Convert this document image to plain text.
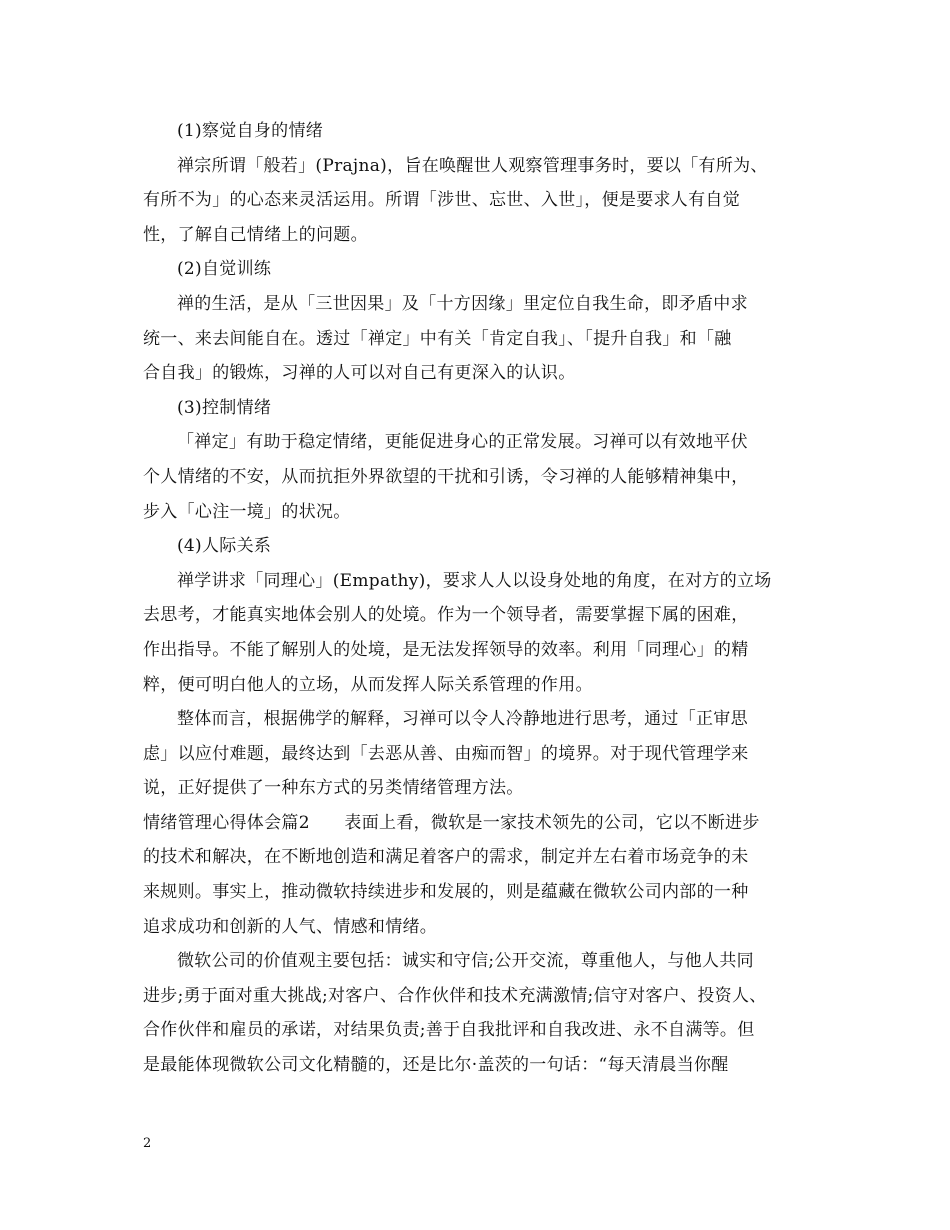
(1)察觉自身的情绪
禅宗所谓「般若」(Prajna)，旨在唤醒世人观察管理事务时，要以「有所为、
有所不为」的心态来灵活运用。所谓「涉世、忘世、入世」，便是要求人有自觉
性，了解自己情绪上的问题。
(2)自觉训练
禅的生活，是从「三世因果」及「十方因缘」里定位自我生命，即矛盾中求
统一、来去间能自在。透过「禅定」中有关「肯定自我」、「提升自我」和「融
合自我」的锻炼，习禅的人可以对自己有更深入的认识。
(3)控制情绪
「禅定」有助于稳定情绪，更能促进身心的正常发展。习禅可以有效地平伏
个人情绪的不安，从而抗拒外界欲望的干扰和引诱，令习禅的人能够精神集中，
步入「心注一境」的状况。
(4)人际关系
禅学讲求「同理心」(Empathy)，要求人人以设身处地的角度，在对方的立场
去思考，才能真实地体会别人的处境。作为一个领导者，需要掌握下属的困难，
作出指导。不能了解别人的处境，是无法发挥领导的效率。利用「同理心」的精
粹，便可明白他人的立场，从而发挥人际关系管理的作用。
整体而言，根据佛学的解释，习禅可以令人冷静地进行思考，通过「正审思
虑」以应付难题，最终达到「去恶从善、由痴而智」的境界。对于现代管理学来
说，正好提供了一种东方式的另类情绪管理方法。
情绪管理心得体会篇2　　表面上看，微软是一家技术领先的公司，它以不断进步
的技术和解决，在不断地创造和满足着客户的需求，制定并左右着市场竞争的未
来规则。事实上，推动微软持续进步和发展的，则是蕴藏在微软公司内部的一种
追求成功和创新的人气、情感和情绪。
微软公司的价值观主要包括：诚实和守信;公开交流，尊重他人，与他人共同
进步;勇于面对重大挑战;对客户、合作伙伴和技术充满激情;信守对客户、投资人、
合作伙伴和雇员的承诺，对结果负责;善于自我批评和自我改进、永不自满等。但
是最能体现微软公司文化精髓的，还是比尔·盖茨的一句话：“每天清晨当你醒
2
